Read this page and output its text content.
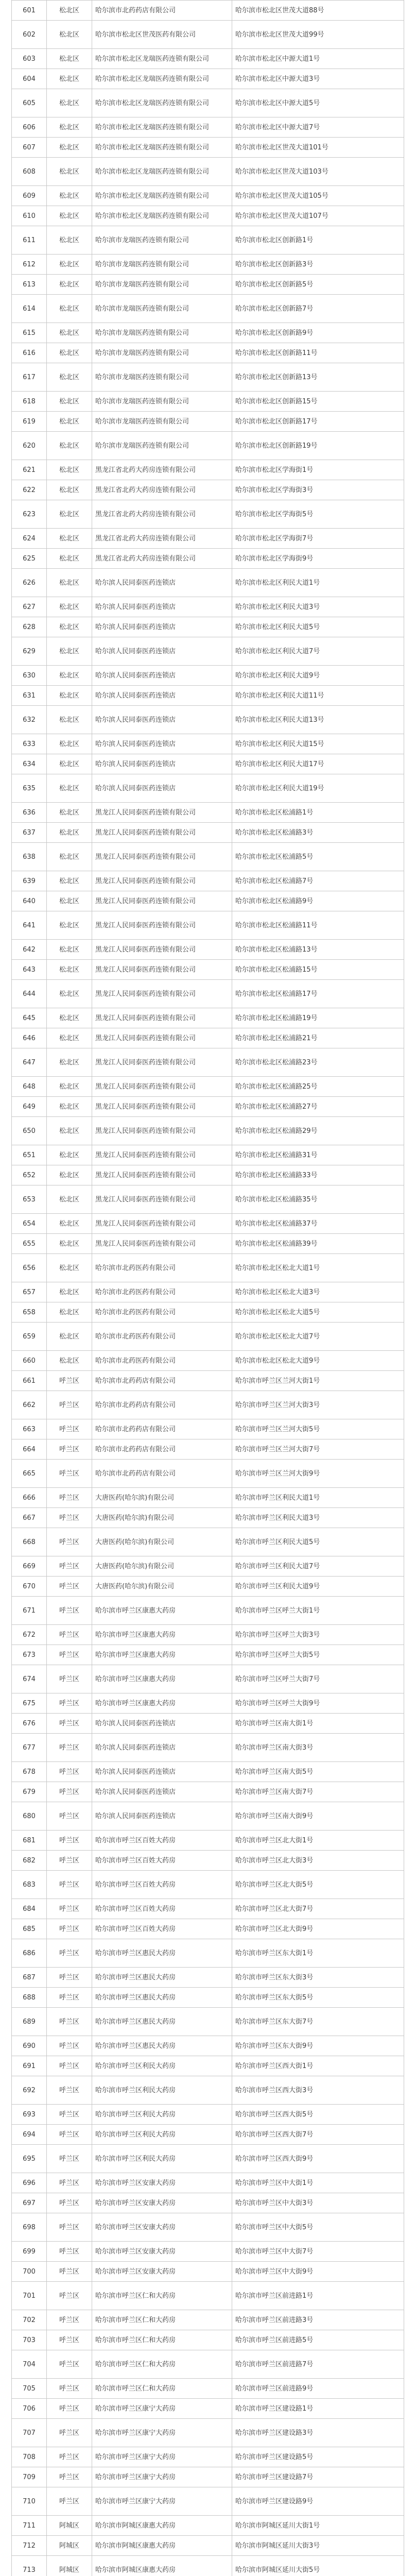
601	松北区	哈尔滨市北药药店有限公司	哈尔滨市松北区世茂大道88号
602	松北区	哈尔滨市松北区世茂医药有限公司	哈尔滨市松北区世茂大道99号
603	松北区	哈尔滨市松北区龙瑞医药连锁有限公司	哈尔滨市松北区中源大道1号
604	松北区	哈尔滨市松北区龙瑞医药连锁有限公司	哈尔滨市松北区中源大道3号
605	松北区	哈尔滨市松北区龙瑞医药连锁有限公司	哈尔滨市松北区中源大道5号
606	松北区	哈尔滨市松北区龙瑞医药连锁有限公司	哈尔滨市松北区中源大道7号
607	松北区	哈尔滨市松北区龙瑞医药连锁有限公司	哈尔滨市松北区世茂大道101号
608	松北区	哈尔滨市松北区龙瑞医药连锁有限公司	哈尔滨市松北区世茂大道103号
609	松北区	哈尔滨市松北区龙瑞医药连锁有限公司	哈尔滨市松北区世茂大道105号
610	松北区	哈尔滨市松北区龙瑞医药连锁有限公司	哈尔滨市松北区世茂大道107号
611	松北区	哈尔滨市龙瑞医药连锁有限公司	哈尔滨市松北区创新路1号
612	松北区	哈尔滨市龙瑞医药连锁有限公司	哈尔滨市松北区创新路3号
613	松北区	哈尔滨市龙瑞医药连锁有限公司	哈尔滨市松北区创新路5号
614	松北区	哈尔滨市龙瑞医药连锁有限公司	哈尔滨市松北区创新路7号
615	松北区	哈尔滨市龙瑞医药连锁有限公司	哈尔滨市松北区创新路9号
616	松北区	哈尔滨市龙瑞医药连锁有限公司	哈尔滨市松北区创新路11号
617	松北区	哈尔滨市龙瑞医药连锁有限公司	哈尔滨市松北区创新路13号
618	松北区	哈尔滨市龙瑞医药连锁有限公司	哈尔滨市松北区创新路15号
619	松北区	哈尔滨市龙瑞医药连锁有限公司	哈尔滨市松北区创新路17号
620	松北区	哈尔滨市龙瑞医药连锁有限公司	哈尔滨市松北区创新路19号
621	松北区	黑龙江省北药大药房连锁有限公司	哈尔滨市松北区学海街1号
622	松北区	黑龙江省北药大药房连锁有限公司	哈尔滨市松北区学海街3号
623	松北区	黑龙江省北药大药房连锁有限公司	哈尔滨市松北区学海街5号
624	松北区	黑龙江省北药大药房连锁有限公司	哈尔滨市松北区学海街7号
625	松北区	黑龙江省北药大药房连锁有限公司	哈尔滨市松北区学海街9号
626	松北区	哈尔滨人民同泰医药连锁店	哈尔滨市松北区利民大道1号
627	松北区	哈尔滨人民同泰医药连锁店	哈尔滨市松北区利民大道3号
628	松北区	哈尔滨人民同泰医药连锁店	哈尔滨市松北区利民大道5号
629	松北区	哈尔滨人民同泰医药连锁店	哈尔滨市松北区利民大道7号
630	松北区	哈尔滨人民同泰医药连锁店	哈尔滨市松北区利民大道9号
631	松北区	哈尔滨人民同泰医药连锁店	哈尔滨市松北区利民大道11号
632	松北区	哈尔滨人民同泰医药连锁店	哈尔滨市松北区利民大道13号
633	松北区	哈尔滨人民同泰医药连锁店	哈尔滨市松北区利民大道15号
634	松北区	哈尔滨人民同泰医药连锁店	哈尔滨市松北区利民大道17号
635	松北区	哈尔滨人民同泰医药连锁店	哈尔滨市松北区利民大道19号
636	松北区	黑龙江人民同泰医药连锁有限公司	哈尔滨市松北区松浦路1号
637	松北区	黑龙江人民同泰医药连锁有限公司	哈尔滨市松北区松浦路3号
638	松北区	黑龙江人民同泰医药连锁有限公司	哈尔滨市松北区松浦路5号
639	松北区	黑龙江人民同泰医药连锁有限公司	哈尔滨市松北区松浦路7号
640	松北区	黑龙江人民同泰医药连锁有限公司	哈尔滨市松北区松浦路9号
641	松北区	黑龙江人民同泰医药连锁有限公司	哈尔滨市松北区松浦路11号
642	松北区	黑龙江人民同泰医药连锁有限公司	哈尔滨市松北区松浦路13号
643	松北区	黑龙江人民同泰医药连锁有限公司	哈尔滨市松北区松浦路15号
644	松北区	黑龙江人民同泰医药连锁有限公司	哈尔滨市松北区松浦路17号
645	松北区	黑龙江人民同泰医药连锁有限公司	哈尔滨市松北区松浦路19号
646	松北区	黑龙江人民同泰医药连锁有限公司	哈尔滨市松北区松浦路21号
647	松北区	黑龙江人民同泰医药连锁有限公司	哈尔滨市松北区松浦路23号
648	松北区	黑龙江人民同泰医药连锁有限公司	哈尔滨市松北区松浦路25号
649	松北区	黑龙江人民同泰医药连锁有限公司	哈尔滨市松北区松浦路27号
650	松北区	黑龙江人民同泰医药连锁有限公司	哈尔滨市松北区松浦路29号
651	松北区	黑龙江人民同泰医药连锁有限公司	哈尔滨市松北区松浦路31号
652	松北区	黑龙江人民同泰医药连锁有限公司	哈尔滨市松北区松浦路33号
653	松北区	黑龙江人民同泰医药连锁有限公司	哈尔滨市松北区松浦路35号
654	松北区	黑龙江人民同泰医药连锁有限公司	哈尔滨市松北区松浦路37号
655	松北区	黑龙江人民同泰医药连锁有限公司	哈尔滨市松北区松浦路39号
656	松北区	哈尔滨市北药医药有限公司	哈尔滨市松北区松北大道1号
657	松北区	哈尔滨市北药医药有限公司	哈尔滨市松北区松北大道3号
658	松北区	哈尔滨市北药医药有限公司	哈尔滨市松北区松北大道5号
659	松北区	哈尔滨市北药医药有限公司	哈尔滨市松北区松北大道7号
660	松北区	哈尔滨市北药医药有限公司	哈尔滨市松北区松北大道9号
661	呼兰区	哈尔滨市北药药店有限公司	哈尔滨市呼兰区兰河大街1号
662	呼兰区	哈尔滨市北药药店有限公司	哈尔滨市呼兰区兰河大街3号
663	呼兰区	哈尔滨市北药药店有限公司	哈尔滨市呼兰区兰河大街5号
664	呼兰区	哈尔滨市北药药店有限公司	哈尔滨市呼兰区兰河大街7号
665	呼兰区	哈尔滨市北药药店有限公司	哈尔滨市呼兰区兰河大街9号
666	呼兰区	大唐医药(哈尔滨)有限公司	哈尔滨市呼兰区利民大道1号
667	呼兰区	大唐医药(哈尔滨)有限公司	哈尔滨市呼兰区利民大道3号
668	呼兰区	大唐医药(哈尔滨)有限公司	哈尔滨市呼兰区利民大道5号
669	呼兰区	大唐医药(哈尔滨)有限公司	哈尔滨市呼兰区利民大道7号
670	呼兰区	大唐医药(哈尔滨)有限公司	哈尔滨市呼兰区利民大道9号
671	呼兰区	哈尔滨市呼兰区康惠大药房	哈尔滨市呼兰区呼兰大街1号
672	呼兰区	哈尔滨市呼兰区康惠大药房	哈尔滨市呼兰区呼兰大街3号
673	呼兰区	哈尔滨市呼兰区康惠大药房	哈尔滨市呼兰区呼兰大街5号
674	呼兰区	哈尔滨市呼兰区康惠大药房	哈尔滨市呼兰区呼兰大街7号
675	呼兰区	哈尔滨市呼兰区康惠大药房	哈尔滨市呼兰区呼兰大街9号
676	呼兰区	哈尔滨人民同泰医药连锁店	哈尔滨市呼兰区南大街1号
677	呼兰区	哈尔滨人民同泰医药连锁店	哈尔滨市呼兰区南大街3号
678	呼兰区	哈尔滨人民同泰医药连锁店	哈尔滨市呼兰区南大街5号
679	呼兰区	哈尔滨人民同泰医药连锁店	哈尔滨市呼兰区南大街7号
680	呼兰区	哈尔滨人民同泰医药连锁店	哈尔滨市呼兰区南大街9号
681	呼兰区	哈尔滨市呼兰区百姓大药房	哈尔滨市呼兰区北大街1号
682	呼兰区	哈尔滨市呼兰区百姓大药房	哈尔滨市呼兰区北大街3号
683	呼兰区	哈尔滨市呼兰区百姓大药房	哈尔滨市呼兰区北大街5号
684	呼兰区	哈尔滨市呼兰区百姓大药房	哈尔滨市呼兰区北大街7号
685	呼兰区	哈尔滨市呼兰区百姓大药房	哈尔滨市呼兰区北大街9号
686	呼兰区	哈尔滨市呼兰区惠民大药房	哈尔滨市呼兰区东大街1号
687	呼兰区	哈尔滨市呼兰区惠民大药房	哈尔滨市呼兰区东大街3号
688	呼兰区	哈尔滨市呼兰区惠民大药房	哈尔滨市呼兰区东大街5号
689	呼兰区	哈尔滨市呼兰区惠民大药房	哈尔滨市呼兰区东大街7号
690	呼兰区	哈尔滨市呼兰区惠民大药房	哈尔滨市呼兰区东大街9号
691	呼兰区	哈尔滨市呼兰区利民大药房	哈尔滨市呼兰区西大街1号
692	呼兰区	哈尔滨市呼兰区利民大药房	哈尔滨市呼兰区西大街3号
693	呼兰区	哈尔滨市呼兰区利民大药房	哈尔滨市呼兰区西大街5号
694	呼兰区	哈尔滨市呼兰区利民大药房	哈尔滨市呼兰区西大街7号
695	呼兰区	哈尔滨市呼兰区利民大药房	哈尔滨市呼兰区西大街9号
696	呼兰区	哈尔滨市呼兰区安康大药房	哈尔滨市呼兰区中大街1号
697	呼兰区	哈尔滨市呼兰区安康大药房	哈尔滨市呼兰区中大街3号
698	呼兰区	哈尔滨市呼兰区安康大药房	哈尔滨市呼兰区中大街5号
699	呼兰区	哈尔滨市呼兰区安康大药房	哈尔滨市呼兰区中大街7号
700	呼兰区	哈尔滨市呼兰区安康大药房	哈尔滨市呼兰区中大街9号
701	呼兰区	哈尔滨市呼兰区仁和大药房	哈尔滨市呼兰区前进路1号
702	呼兰区	哈尔滨市呼兰区仁和大药房	哈尔滨市呼兰区前进路3号
703	呼兰区	哈尔滨市呼兰区仁和大药房	哈尔滨市呼兰区前进路5号
704	呼兰区	哈尔滨市呼兰区仁和大药房	哈尔滨市呼兰区前进路7号
705	呼兰区	哈尔滨市呼兰区仁和大药房	哈尔滨市呼兰区前进路9号
706	呼兰区	哈尔滨市呼兰区康宁大药房	哈尔滨市呼兰区建设路1号
707	呼兰区	哈尔滨市呼兰区康宁大药房	哈尔滨市呼兰区建设路3号
708	呼兰区	哈尔滨市呼兰区康宁大药房	哈尔滨市呼兰区建设路5号
709	呼兰区	哈尔滨市呼兰区康宁大药房	哈尔滨市呼兰区建设路7号
710	呼兰区	哈尔滨市呼兰区康宁大药房	哈尔滨市呼兰区建设路9号
711	阿城区	哈尔滨市阿城区康惠大药房	哈尔滨市阿城区延川大街1号
712	阿城区	哈尔滨市阿城区康惠大药房	哈尔滨市阿城区延川大街3号
713	阿城区	哈尔滨市阿城区康惠大药房	哈尔滨市阿城区延川大街5号
